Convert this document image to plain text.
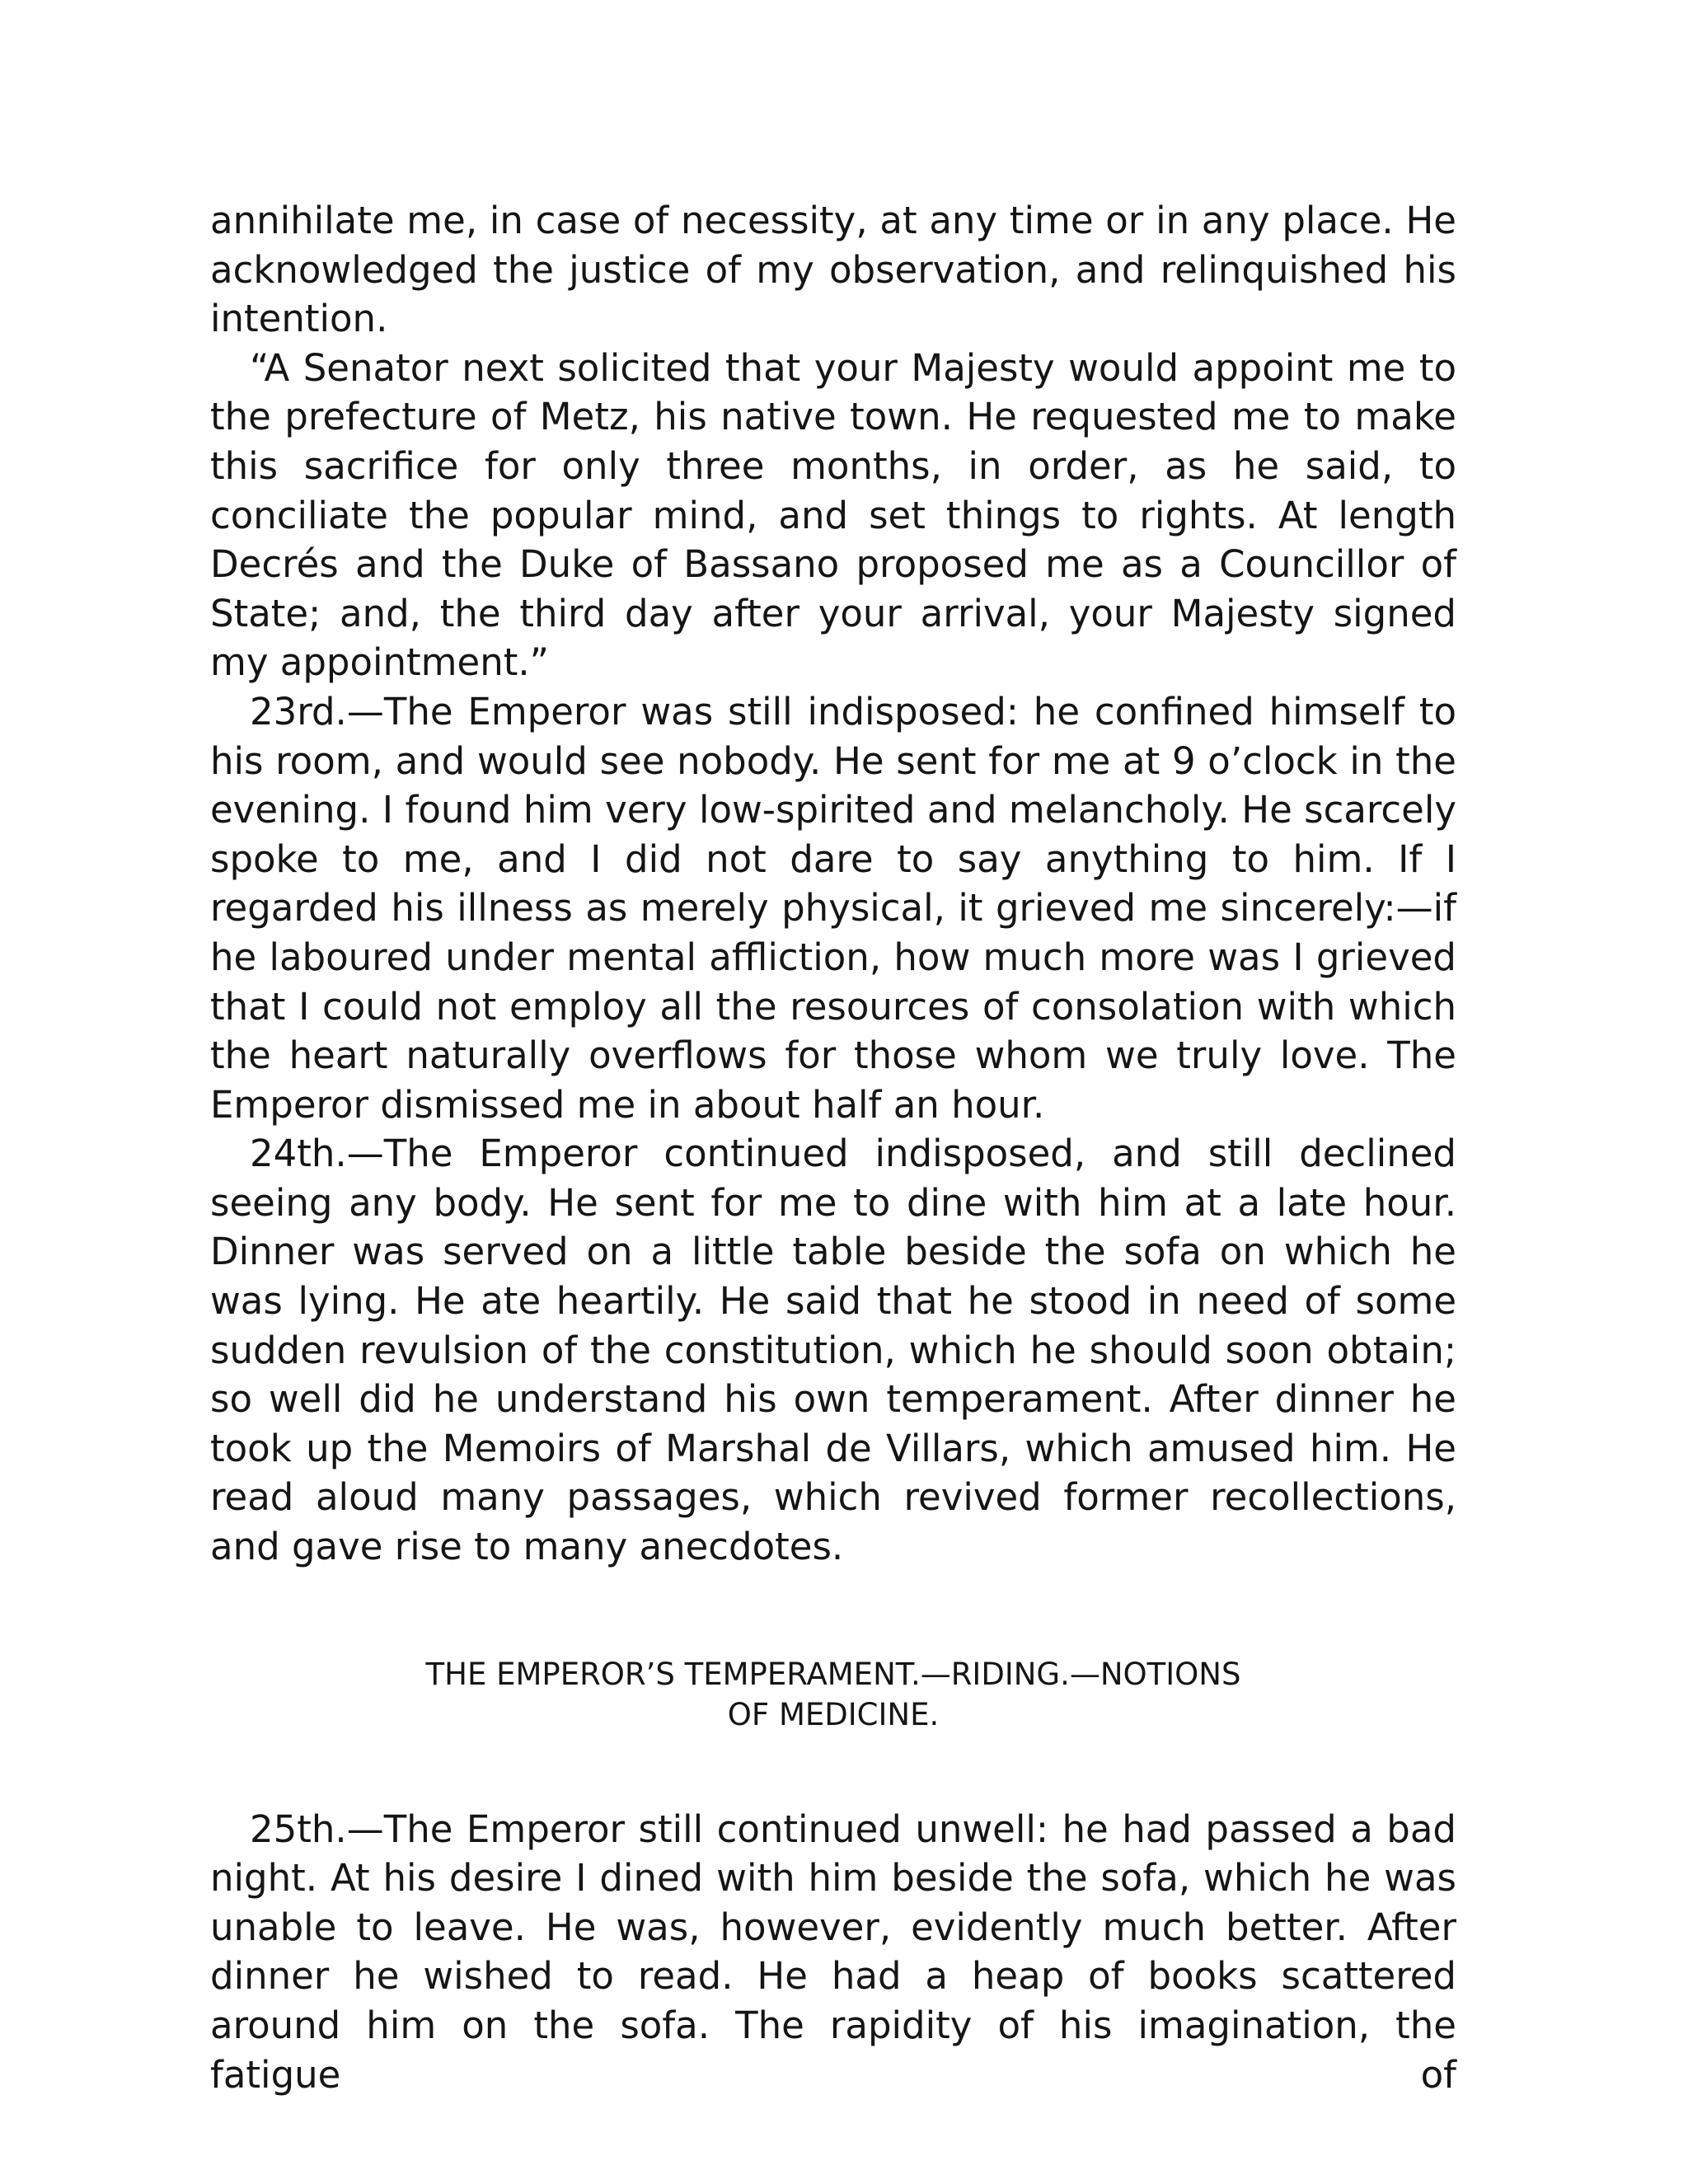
annihilate me, in case of necessity, at any time or in any place. He acknowledged the justice of my observation, and relinquished his intention.

“A Senator next solicited that your Majesty would appoint me to the prefecture of Metz, his native town. He requested me to make this sacrifice for only three months, in order, as he said, to conciliate the popular mind, and set things to rights. At length Decrés and the Duke of Bassano proposed me as a Councillor of State; and, the third day after your arrival, your Majesty signed my appointment.”

23rd.—The Emperor was still indisposed: he confined himself to his room, and would see nobody. He sent for me at 9 o’clock in the evening. I found him very low-spirited and melancholy. He scarcely spoke to me, and I did not dare to say anything to him. If I regarded his illness as merely physical, it grieved me sincerely:—if he laboured under mental affliction, how much more was I grieved that I could not employ all the resources of consolation with which the heart naturally overflows for those whom we truly love. The Emperor dismissed me in about half an hour.

24th.—The Emperor continued indisposed, and still declined seeing any body. He sent for me to dine with him at a late hour. Dinner was served on a little table beside the sofa on which he was lying. He ate heartily. He said that he stood in need of some sudden revulsion of the constitution, which he should soon obtain; so well did he understand his own temperament. After dinner he took up the Memoirs of Marshal de Villars, which amused him. He read aloud many passages, which revived former recollections, and gave rise to many anecdotes.

THE EMPEROR’S TEMPERAMENT.—RIDING.—NOTIONS
OF MEDICINE.

25th.—The Emperor still continued unwell: he had passed a bad night. At his desire I dined with him beside the sofa, which he was unable to leave. He was, however, evidently much better. After dinner he wished to read. He had a heap of books scattered around him on the sofa. The rapidity of his imagination, the fatigue of
